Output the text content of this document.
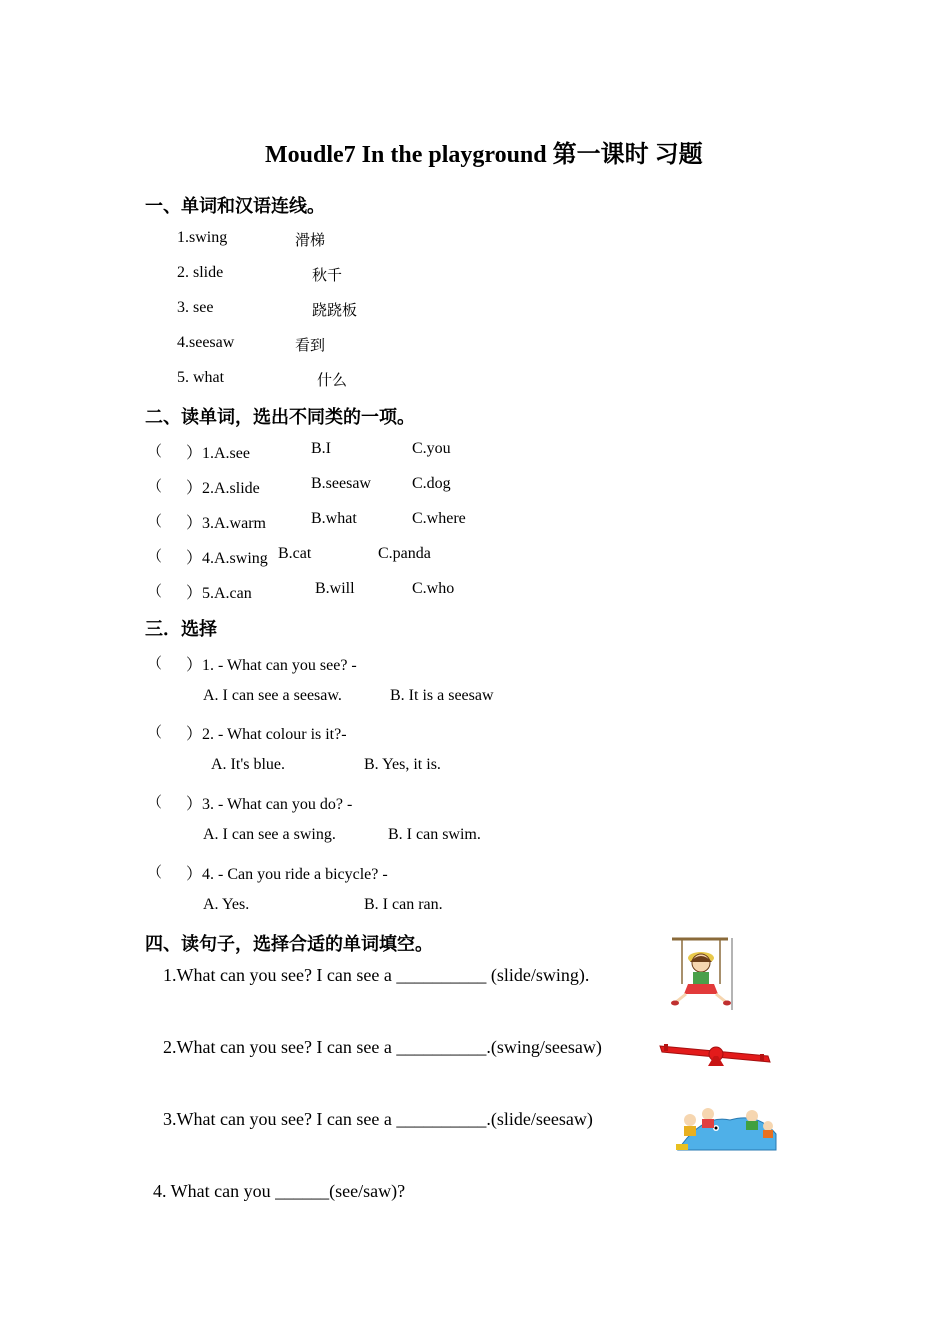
Moudle7 In the playground 第一课时 习题
一、单词和汉语连线。
1.swing	滑梯
2. slide	秋千
3. see	跷跷板
4.seesaw	看到
5. what	什么
二、读单词，选出不同类的一项。
（ ）1.A.see	B.I	C.you
（ ）2.A.slide	B.seesaw	C.dog
（ ）3.A.warm	B.what	C.where
（ ）4.A.swing B.cat	C.panda
（ ）5.A.can	B.will	C.who
三．选择
（ ）1. - What can you see? -
A. I can see a seesaw.	B. It is a seesaw
（ ）2. - What colour is it?-
A. It's blue.	B. Yes, it is.
（ ）3. - What can you do? -
A. I can see a swing.	B. I can swim.
（ ）4. - Can you ride a bicycle? -
A. Yes.	B. I can ran.
四、读句子，选择合适的单词填空。
1.What can you see? I can see a __________ (slide/swing).
2.What can you see? I can see a __________.(swing/seesaw)
3.What can you see? I can see a __________.(slide/seesaw)
4. What can you ______(see/saw)?
